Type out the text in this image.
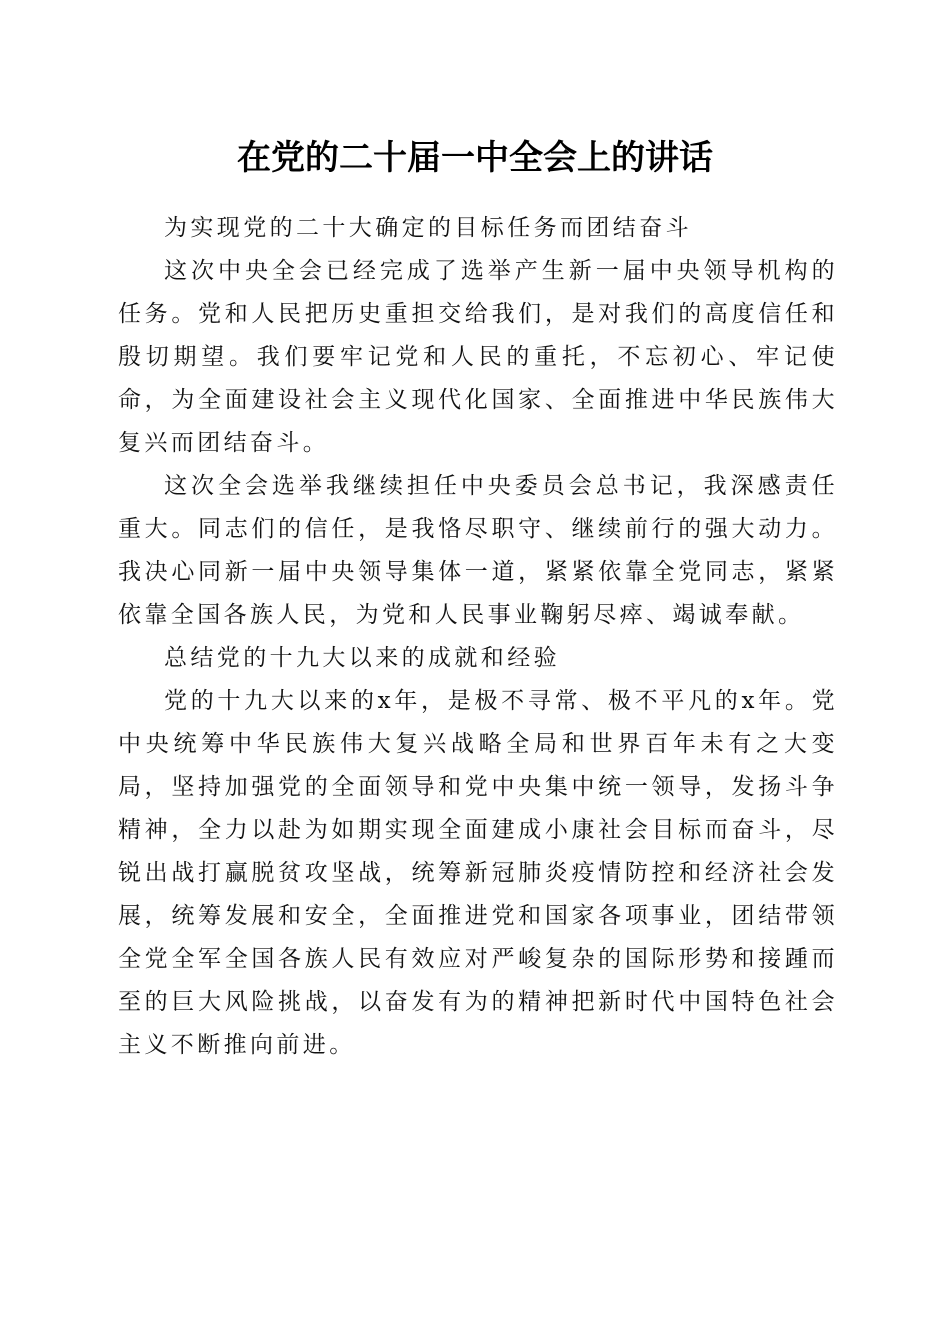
在党的二十届一中全会上的讲话

为实现党的二十大确定的目标任务而团结奋斗

这次中央全会已经完成了选举产生新一届中央领导机构的任务。党和人民把历史重担交给我们，是对我们的高度信任和殷切期望。我们要牢记党和人民的重托，不忘初心、牢记使命，为全面建设社会主义现代化国家、全面推进中华民族伟大复兴而团结奋斗。

这次全会选举我继续担任中央委员会总书记，我深感责任重大。同志们的信任，是我恪尽职守、继续前行的强大动力。我决心同新一届中央领导集体一道，紧紧依靠全党同志，紧紧依靠全国各族人民，为党和人民事业鞠躬尽瘁、竭诚奉献。

总结党的十九大以来的成就和经验

党的十九大以来的x年，是极不寻常、极不平凡的x年。党中央统筹中华民族伟大复兴战略全局和世界百年未有之大变局，坚持加强党的全面领导和党中央集中统一领导，发扬斗争精神，全力以赴为如期实现全面建成小康社会目标而奋斗，尽锐出战打赢脱贫攻坚战，统筹新冠肺炎疫情防控和经济社会发展，统筹发展和安全，全面推进党和国家各项事业，团结带领全党全军全国各族人民有效应对严峻复杂的国际形势和接踵而至的巨大风险挑战，以奋发有为的精神把新时代中国特色社会主义不断推向前进。
